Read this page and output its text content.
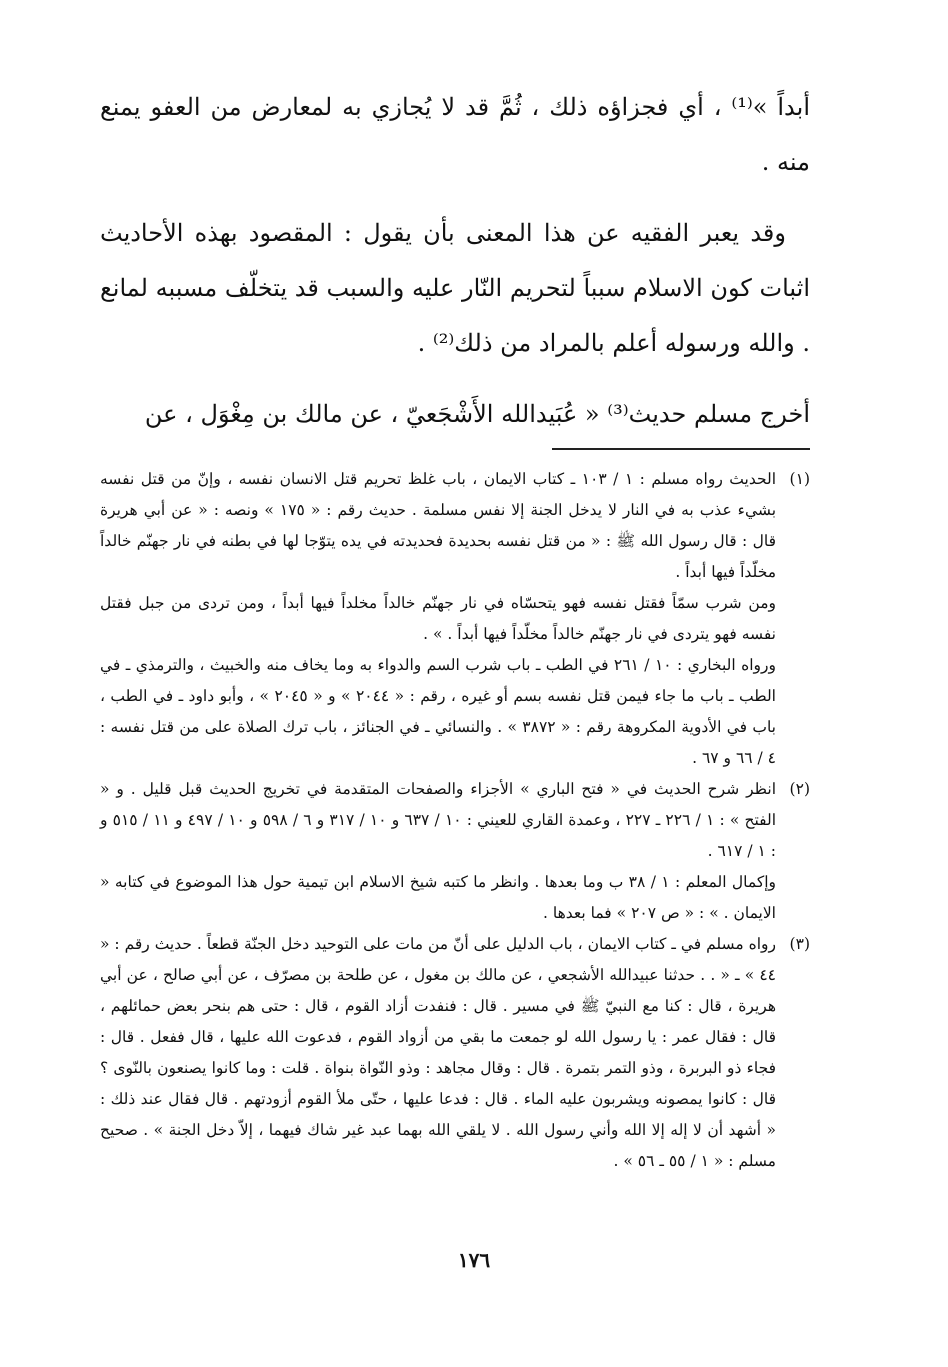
أبداً »⁽¹⁾ ، أي فجزاؤه ذلك ، ثُمَّ قد لا يُجازي به لمعارض من العفو يمنع منه .

وقد يعبر الفقيه عن هذا المعنى بأن يقول : المقصود بهذه الأحاديث اثبات كون الاسلام سبباً لتحريم النّار عليه والسبب قد يتخلّف مسببه لمانع . والله ورسوله أعلم بالمراد من ذلك⁽²⁾ .

أخرج مسلم حديث⁽³⁾ « عُبَيدالله الأَشْجَعيّ ، عن مالك بن مِغْوَل ، عن

(١)

الحديث رواه مسلم : ١ / ١٠٣ ـ كتاب الايمان ، باب غلظ تحريم قتل الانسان نفسه ، وإنّ من قتل نفسه بشيء عذب به في النار لا يدخل الجنة إلا نفس مسلمة . حديث رقم : « ١٧٥ » ونصه : « عن أبي هريرة قال : قال رسول الله ﷺ : « من قتل نفسه بحديدة فحديدته في يده يتوّجا لها في بطنه في نار جهنّم خالداً مخلّداً فيها أبداً .

ومن شرب سمّاً فقتل نفسه فهو يتحسّاه في نار جهنّم خالداً مخلداً فيها أبداً ، ومن تردى من جبل فقتل نفسه فهو يتردى في نار جهنّم خالداً مخلّداً فيها أبداً . » .

ورواه البخاري : ١٠ / ٢٦١ في الطب ـ باب شرب السم والدواء به وما يخاف منه والخبيث ، والترمذي ـ في الطب ـ باب ما جاء فيمن قتل نفسه بسم أو غيره ، رقم : « ٢٠٤٤ » و « ٢٠٤٥ » ، وأبو داود ـ في الطب ، باب في الأدوية المكروهة رقم : « ٣٨٧٢ » . والنسائي ـ في الجنائز ، باب ترك الصلاة على من قتل نفسه : ٤ / ٦٦ و ٦٧ .

(٢)

انظر شرح الحديث في « فتح الباري » الأجزاء والصفحات المتقدمة في تخريج الحديث قبل قليل . و « الفتح » : ١ / ٢٢٦ ـ ٢٢٧ ، وعمدة القاري للعيني : ١٠ / ٦٣٧ و ١٠ / ٣١٧ و ٦ / ٥٩٨ و ١٠ / ٤٩٧ و ١١ / ٥١٥ و : ١ / ٦١٧ .

وإكمال المعلم : ١ / ٣٨ ب وما بعدها . وانظر ما كتبه شيخ الاسلام ابن تيمية حول هذا الموضوع في كتابه « الايمان . » : « ص ٢٠٧ » فما بعدها .

(٣)

رواه مسلم في ـ كتاب الايمان ، باب الدليل على أنّ من مات على التوحيد دخل الجنّة قطعاً . حديث رقم : « ٤٤ » ـ « . . حدثنا عبيدالله الأشجعي ، عن مالك بن مغول ، عن طلحة بن مصرّف ، عن أبي صالح ، عن أبي هريرة ، قال : كنا مع النبيّ ﷺ في مسير . قال : فنفدت أزاد القوم ، قال : حتى هم بنحر بعض حمائلهم ، قال : فقال عمر : يا رسول الله لو جمعت ما بقي من أزواد القوم ، فدعوت الله عليها ، قال ففعل . قال : فجاء ذو البربرة ، وذو التمر بتمرة . قال : وقال مجاهد : وذو النّواة بنواة . قلت : وما كانوا يصنعون بالنّوى ؟ قال : كانوا يمصونه ويشربون عليه الماء . قال : فدعا عليها ، حتّى ملأ القوم أزودتهم . قال فقال عند ذلك : « أشهد أن لا إله إلا الله وأني رسول الله . لا يلقي الله بهما عبد غير شاك فيهما ، إلاّ دخل الجنة » . صحيح مسلم : « ١ / ٥٥ ـ ٥٦ » .

١٧٦
